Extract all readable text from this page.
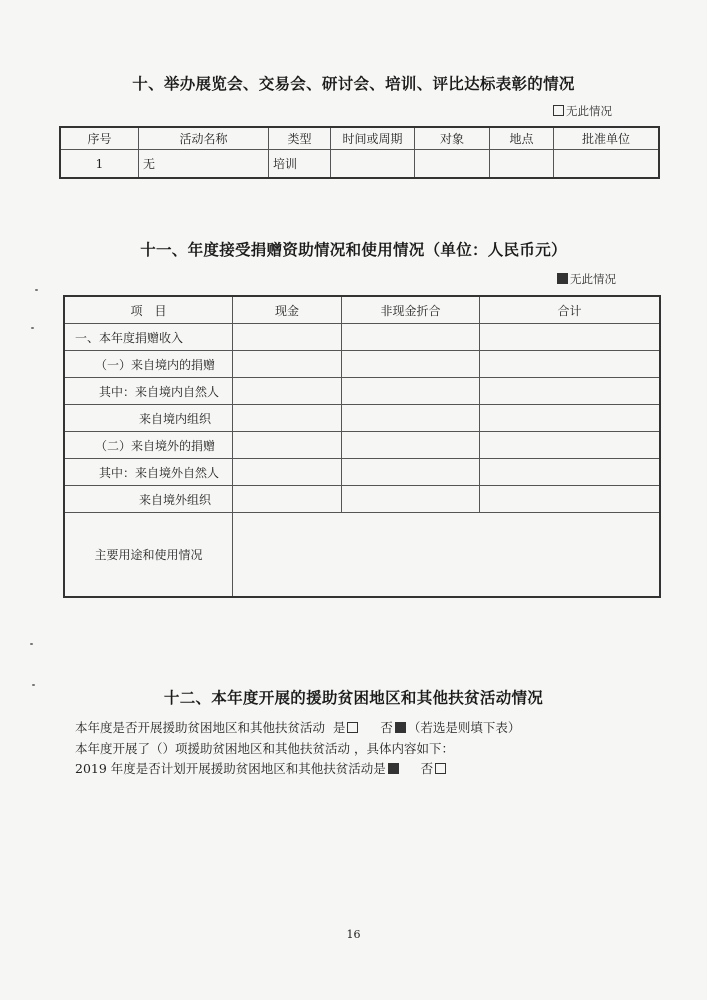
十、举办展览会、交易会、研讨会、培训、评比达标表彰的情况
无此情况
序号	活动名称	类型	时间或周期	对象	地点	批准单位
1	无	培训				
十一、年度接受捐赠资助情况和使用情况（单位：人民币元）
无此情况
项　目	现金	非现金折合	合计
一、本年度捐赠收入			
（一）来自境内的捐赠			
其中：来自境内自然人			
来自境内组织			
（二）来自境外的捐赠			
其中：来自境外自然人			
来自境外组织			
主要用途和使用情况			
十二、本年度开展的援助贫困地区和其他扶贫活动情况
本年度是否开展援助贫困地区和其他扶贫活动 是	否 （若选是则填下表）
本年度开展了（）项援助贫困地区和其他扶贫活动 ，具体内容如下：
2019 年度是否计划开展援助贫困地区和其他扶贫活动是	否
16
